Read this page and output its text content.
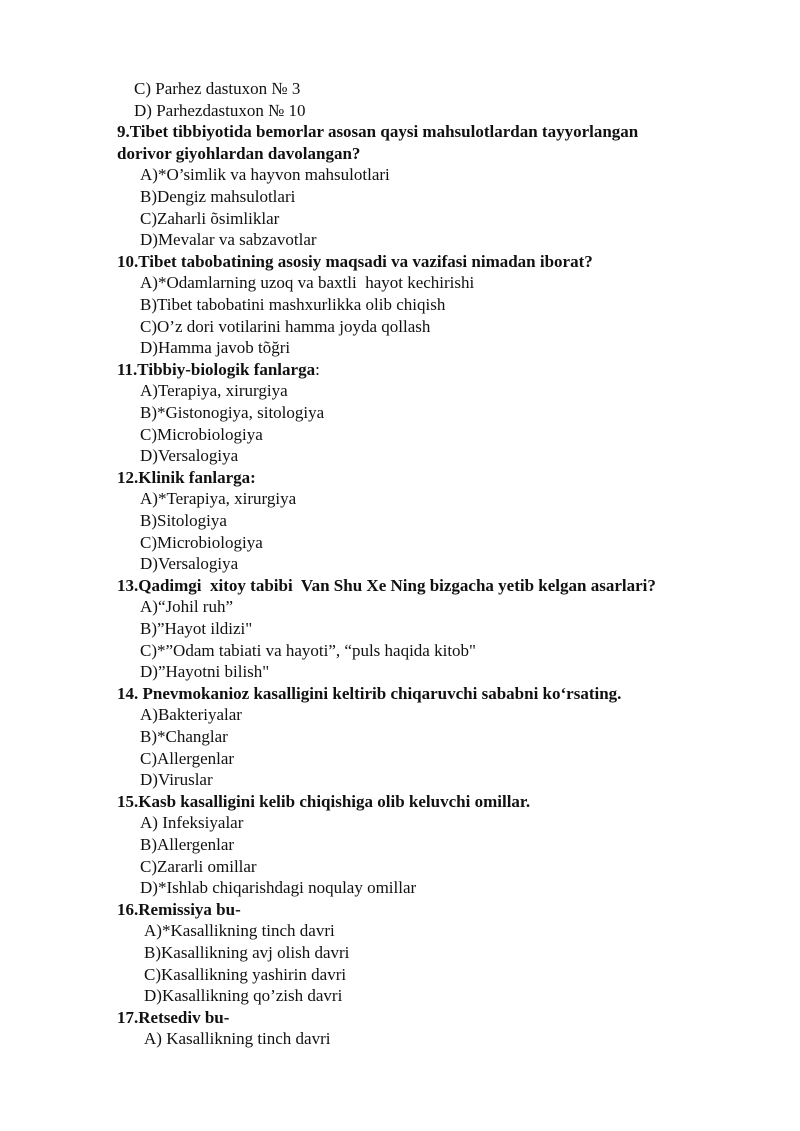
C) Parhez dastuxon № 3
D) Parhezdastuxon № 10
9.Tibet tibbiyotida bemorlar asosan qaysi mahsulotlardan tayyorlangan
dorivor giyohlardan davolangan?
A)*O’simlik va hayvon mahsulotlari
B)Dengiz mahsulotlari
C)Zaharli õsimliklar
D)Mevalar va sabzavotlar
10.Tibet tabobatining asosiy maqsadi va vazifasi nimadan iborat?
A)*Odamlarning uzoq va baxtli  hayot kechirishi
B)Tibet tabobatini mashxurlikka olib chiqish
C)O’z dori votilarini hamma joyda qollash
D)Hamma javob tõğri
11.Tibbiy-biologik fanlarga:
A)Terapiya, xirurgiya
B)*Gistonogiya, sitologiya
C)Microbiologiya
D)Versalogiya
12.Klinik fanlarga:
A)*Terapiya, xirurgiya
B)Sitologiya
C)Microbiologiya
D)Versalogiya
13.Qadimgi  xitoy tabibi  Van Shu Xe Ning bizgacha yetib kelgan asarlari?
A)“Johil ruh”
B)”Hayot ildizi"
C)*”Odam tabiati va hayoti”, “puls haqida kitob"
D)”Hayotni bilish"
14. Pnevmokanioz kasalligini keltirib chiqaruvchi sababni ko‘rsating.
A)Bakteriyalar
B)*Changlar
C)Allergenlar
D)Viruslar
15.Kasb kasalligini kelib chiqishiga olib keluvchi omillar.
A) Infeksiyalar
B)Allergenlar
C)Zararli omillar
D)*Ishlab chiqarishdagi noqulay omillar
16.Remissiya bu-
A)*Kasallikning tinch davri
B)Kasallikning avj olish davri
C)Kasallikning yashirin davri
D)Kasallikning qo’zish davri
17.Retsediv bu-
A) Kasallikning tinch davri
